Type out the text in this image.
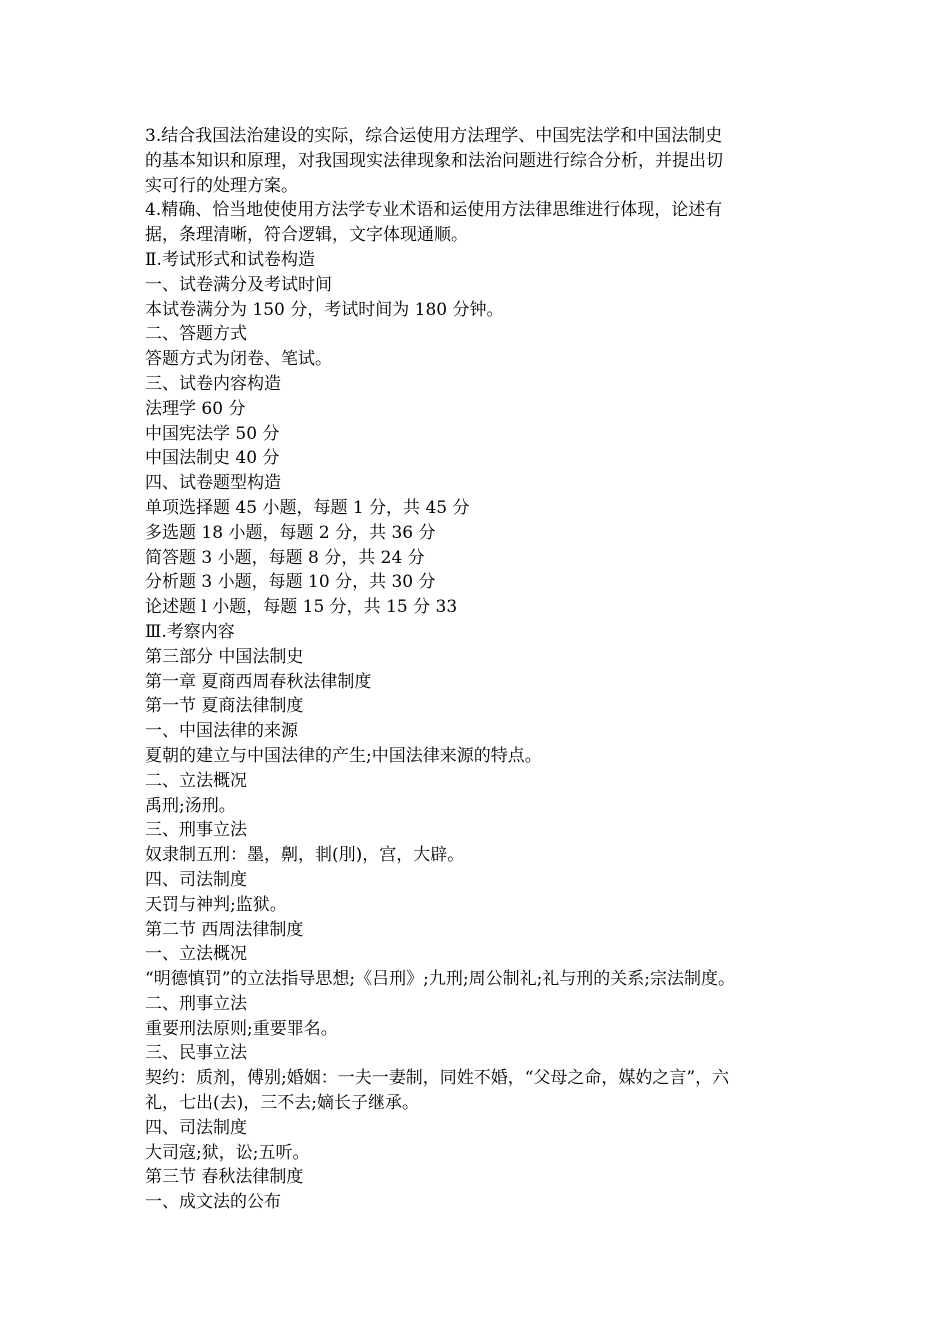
3.结合我国法治建设的实际，综合运使用方法理学、中国宪法学和中国法制史
的基本知识和原理，对我国现实法律现象和法治问题进行综合分析，并提出切
实可行的处理方案。
4.精确、恰当地使使用方法学专业术语和运使用方法律思维进行体现，论述有
据，条理清晰，符合逻辑，文字体现通顺。
Ⅱ.考试形式和试卷构造
一、试卷满分及考试时间
本试卷满分为 150 分，考试时间为 180 分钟。
二、答题方式
答题方式为闭卷、笔试。
三、试卷内容构造
法理学 60 分
中国宪法学 50 分
中国法制史 40 分
四、试卷题型构造
单项选择题 45 小题，每题 1 分，共 45 分
多选题 18 小题，每题 2 分，共 36 分
简答题 3 小题，每题 8 分，共 24 分
分析题 3 小题，每题 10 分，共 30 分
论述题 l 小题，每题 15 分，共 15 分 33
Ⅲ.考察内容
第三部分 中国法制史
第一章 夏商西周春秋法律制度
第一节 夏商法律制度
一、中国法律的来源
夏朝的建立与中国法律的产生;中国法律来源的特点。
二、立法概况
禹刑;汤刑。
三、刑事立法
奴隶制五刑：墨，劓，剕(刖)，宫，大辟。
四、司法制度
天罚与神判;监狱。
第二节 西周法律制度
一、立法概况
“明德慎罚”的立法指导思想;《吕刑》;九刑;周公制礼;礼与刑的关系;宗法制度。
二、刑事立法
重要刑法原则;重要罪名。
三、民事立法
契约：质剂，傅别;婚姻：一夫一妻制，同姓不婚，“父母之命，媒妁之言”，六
礼，七出(去)，三不去;嫡长子继承。
四、司法制度
大司寇;狱，讼;五听。
第三节 春秋法律制度
一、成文法的公布
